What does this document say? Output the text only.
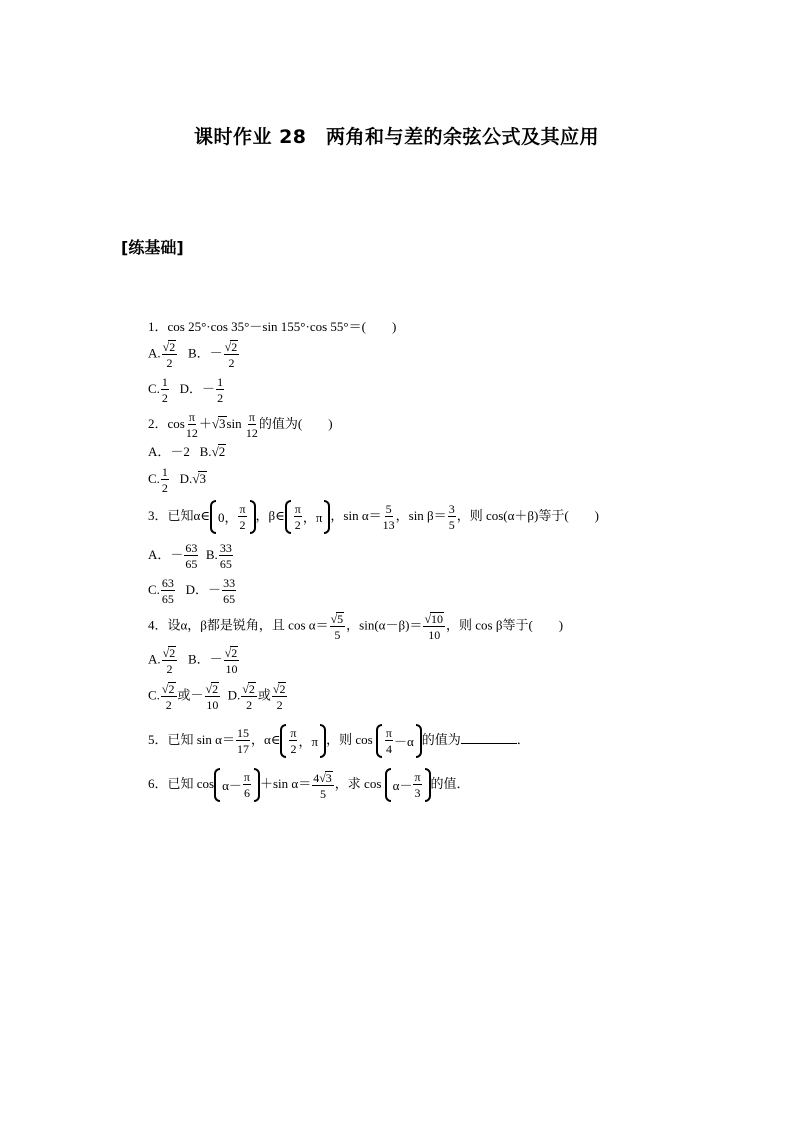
课时作业 28　两角和与差的余弦公式及其应用
[练基础]
1．cos 25°·cos 35°－sin 155°·cos 55°＝(　　)
A. $\frac{√2}{2}$ B．－ $\frac{√2}{2}$
C. $\frac{1}{2}$ D．－ $\frac{1}{2}$
2．$\cos \frac{\pi}{12} +√3\sin \frac{\pi}{12}$ 的值为(　　)
A．－2 B.√2
C. $\frac{1}{2} D.√3$
3．已知α∈ 0，
π
2
，β∈ π
2
，π ，$\sin \alpha= \frac{5}{13}$ ，$\sin \beta= \frac{3}{5}$ ，则 cos(α＋β)等于(　　)
A．－ $\frac{63}{65} B$. $\frac{33}{65}$
C. $\frac{63}{65}$ D．－ $\frac{33}{65}$
4．设α，β都是锐角，且 $\cos \alpha= \frac{√5}{5}$ ，$\sin(\alpha-\beta)= \frac{√10}{10}$ ，则 cos β等于(　　)
A. $\frac{√2}{2}$ B．－ $\frac{√2}{10}$
C. $\frac{√2}{2}$ 或－ $\frac{√2}{10} D$. $\frac{√2}{2}$ 或 $\frac{√2}{2}$
5．已知 $\sin \alpha= \frac{15}{17}$ ，α∈ π
2
，π ，则 cos π
4
－α 的值为	．
6．已知 cos α－
π
6
＋sin $\alpha= \frac{4√3}{5}$ ，求 cos α－
π
3
的值．
